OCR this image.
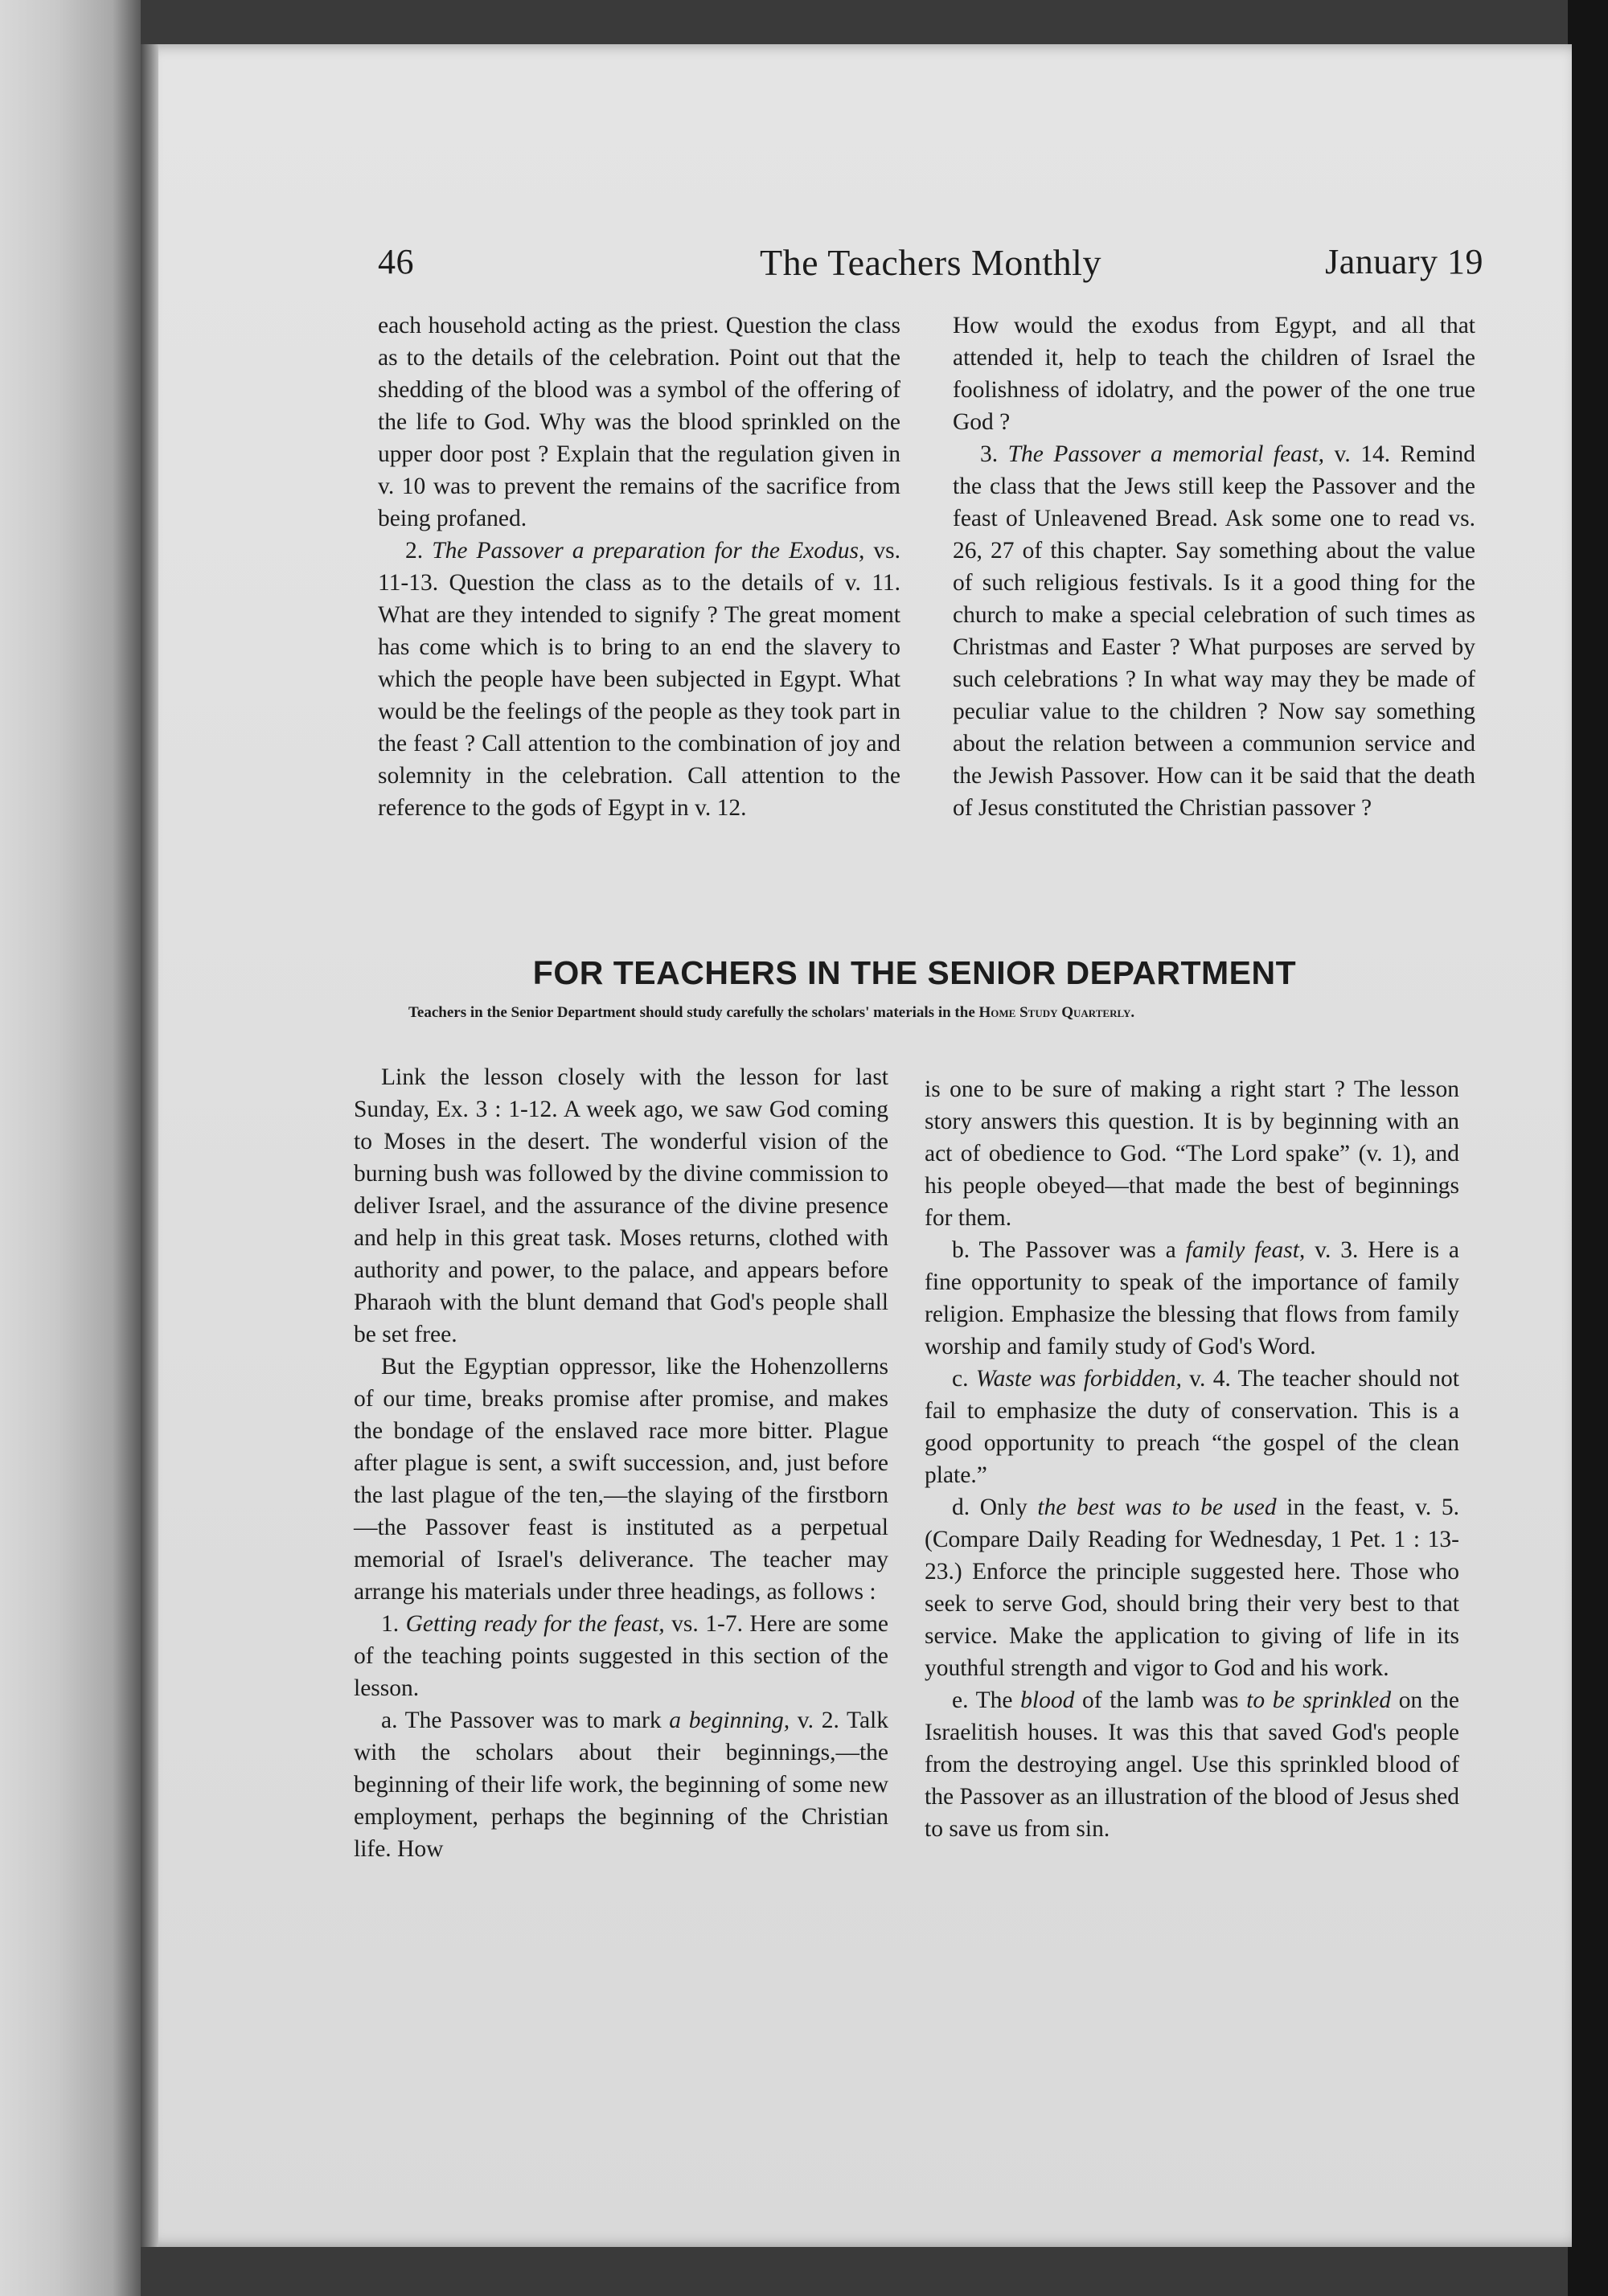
46	The Teachers Monthly	January 19

each household acting as the priest. Question the class as to the details of the celebration. Point out that the shedding of the blood was a symbol of the offering of the life to God. Why was the blood sprinkled on the upper door post ? Explain that the regulation given in v. 10 was to prevent the remains of the sacrifice from being profaned.

2. The Passover a preparation for the Exodus, vs. 11-13. Question the class as to the details of v. 11. What are they intended to signify ? The great moment has come which is to bring to an end the slavery to which the people have been subjected in Egypt. What would be the feelings of the people as they took part in the feast ? Call attention to the combination of joy and solemnity in the celebration. Call attention to the reference to the gods of Egypt in v. 12.

How would the exodus from Egypt, and all that attended it, help to teach the children of Israel the foolishness of idolatry, and the power of the one true God ?

3. The Passover a memorial feast, v. 14. Remind the class that the Jews still keep the Passover and the feast of Unleavened Bread. Ask some one to read vs. 26, 27 of this chapter. Say something about the value of such religious festivals. Is it a good thing for the church to make a special celebration of such times as Christmas and Easter ? What purposes are served by such celebrations ? In what way may they be made of peculiar value to the children ? Now say something about the relation between a communion service and the Jewish Passover. How can it be said that the death of Jesus constituted the Christian passover ?

FOR TEACHERS IN THE SENIOR DEPARTMENT
Teachers in the Senior Department should study carefully the scholars' materials in the Home Study Quarterly.

Link the lesson closely with the lesson for last Sunday, Ex. 3 : 1-12. A week ago, we saw God coming to Moses in the desert. The wonderful vision of the burning bush was followed by the divine commission to deliver Israel, and the assurance of the divine presence and help in this great task. Moses returns, clothed with authority and power, to the palace, and appears before Pharaoh with the blunt demand that God's people shall be set free.

But the Egyptian oppressor, like the Hohenzollerns of our time, breaks promise after promise, and makes the bondage of the enslaved race more bitter. Plague after plague is sent, a swift succession, and, just before the last plague of the ten,—the slaying of the firstborn—the Passover feast is instituted as a perpetual memorial of Israel's deliverance. The teacher may arrange his materials under three headings, as follows :

1. Getting ready for the feast, vs. 1-7. Here are some of the teaching points suggested in this section of the lesson.

a. The Passover was to mark a beginning, v. 2. Talk with the scholars about their beginnings,—the beginning of their life work, the beginning of some new employment, perhaps the beginning of the Christian life. How

is one to be sure of making a right start ? The lesson story answers this question. It is by beginning with an act of obedience to God. “The Lord spake” (v. 1), and his people obeyed—that made the best of beginnings for them.

b. The Passover was a family feast, v. 3. Here is a fine opportunity to speak of the importance of family religion. Emphasize the blessing that flows from family worship and family study of God's Word.

c. Waste was forbidden, v. 4. The teacher should not fail to emphasize the duty of conservation. This is a good opportunity to preach “the gospel of the clean plate.”

d. Only the best was to be used in the feast, v. 5. (Compare Daily Reading for Wednesday, 1 Pet. 1 : 13-23.) Enforce the principle suggested here. Those who seek to serve God, should bring their very best to that service. Make the application to giving of life in its youthful strength and vigor to God and his work.

e. The blood of the lamb was to be sprinkled on the Israelitish houses. It was this that saved God's people from the destroying angel. Use this sprinkled blood of the Passover as an illustration of the blood of Jesus shed to save us from sin.
